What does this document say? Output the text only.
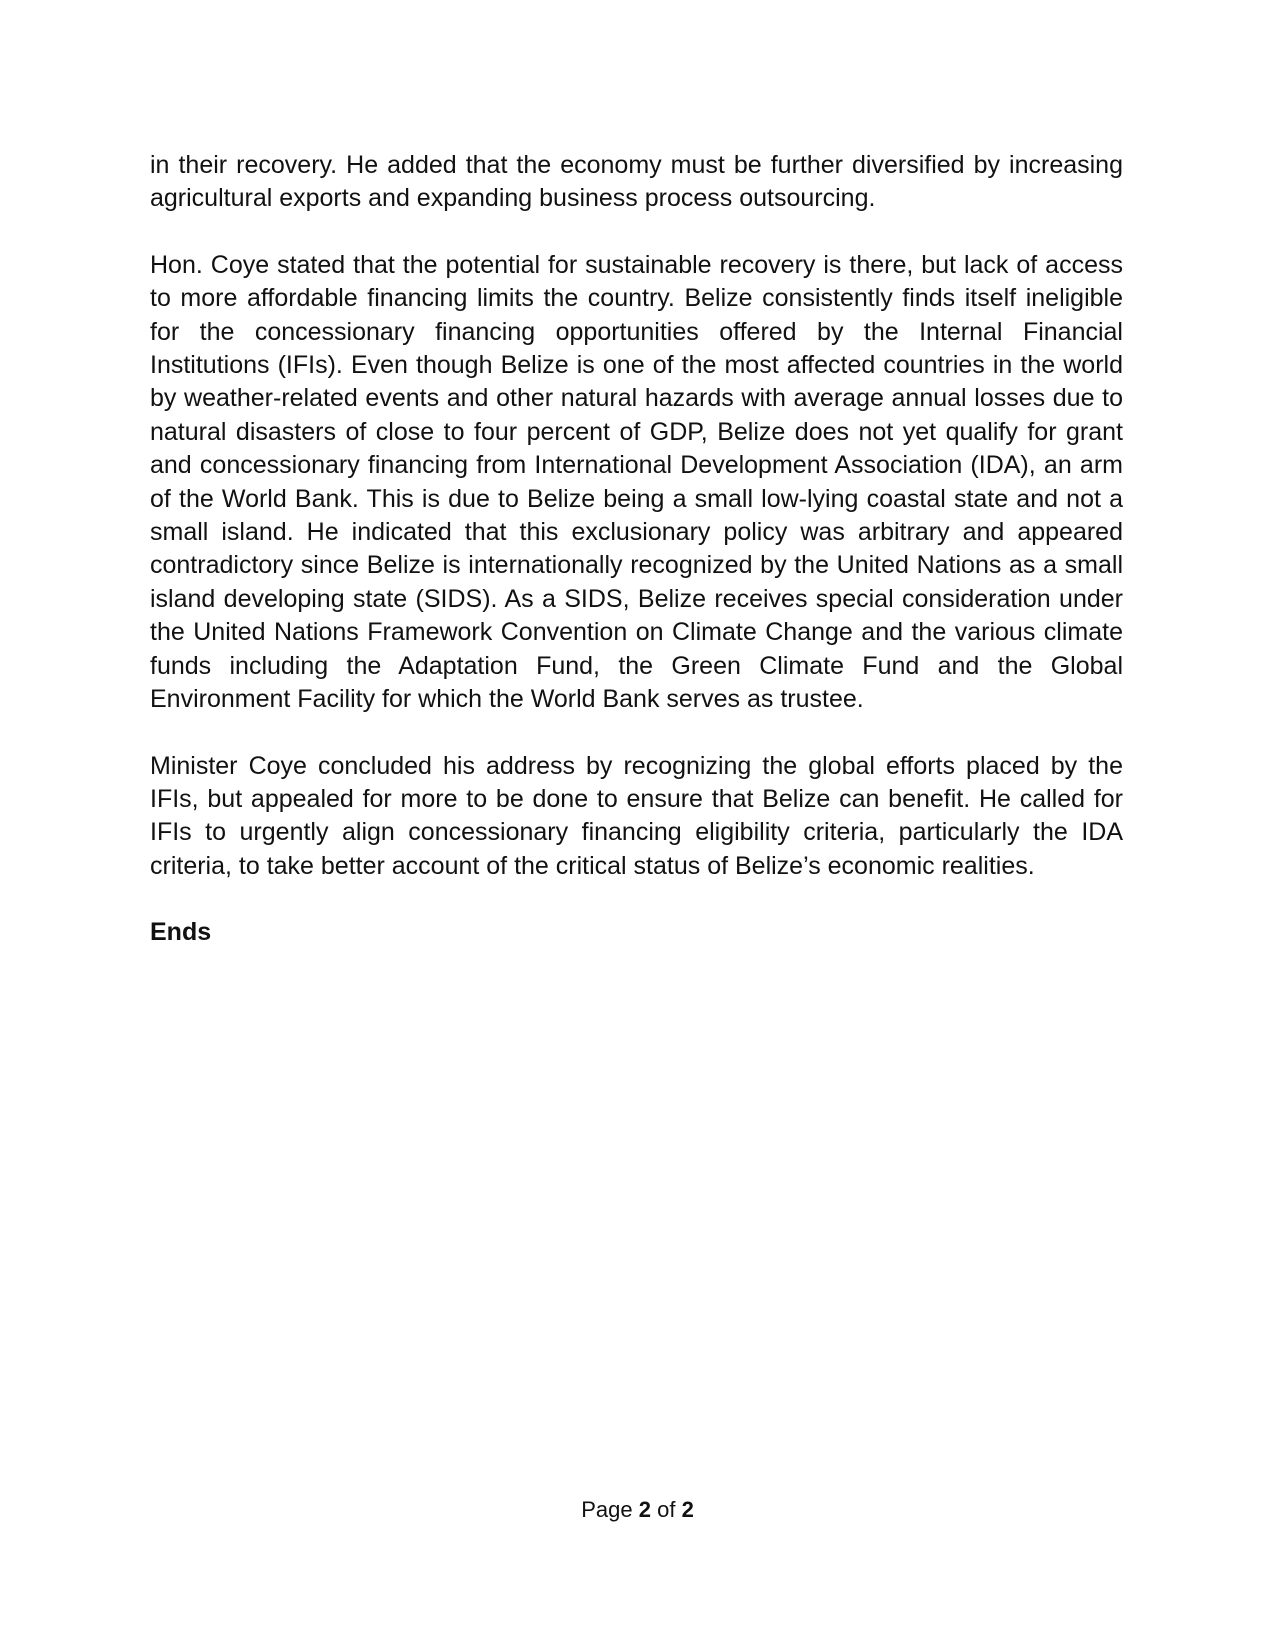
in their recovery. He added that the economy must be further diversified by increasing agricultural exports and expanding business process outsourcing.

Hon. Coye stated that the potential for sustainable recovery is there, but lack of access to more affordable financing limits the country. Belize consistently finds itself ineligible for the concessionary financing opportunities offered by the Internal Financial Institutions (IFIs). Even though Belize is one of the most affected countries in the world by weather-related events and other natural hazards with average annual losses due to natural disasters of close to four percent of GDP, Belize does not yet qualify for grant and concessionary financing from International Development Association (IDA), an arm of the World Bank. This is due to Belize being a small low-lying coastal state and not a small island. He indicated that this exclusionary policy was arbitrary and appeared contradictory since Belize is internationally recognized by the United Nations as a small island developing state (SIDS). As a SIDS, Belize receives special consideration under the United Nations Framework Convention on Climate Change and the various climate funds including the Adaptation Fund, the Green Climate Fund and the Global Environment Facility for which the World Bank serves as trustee.

Minister Coye concluded his address by recognizing the global efforts placed by the IFIs, but appealed for more to be done to ensure that Belize can benefit. He called for IFIs to urgently align concessionary financing eligibility criteria, particularly the IDA criteria, to take better account of the critical status of Belize’s economic realities.

Ends

Page 2 of 2
